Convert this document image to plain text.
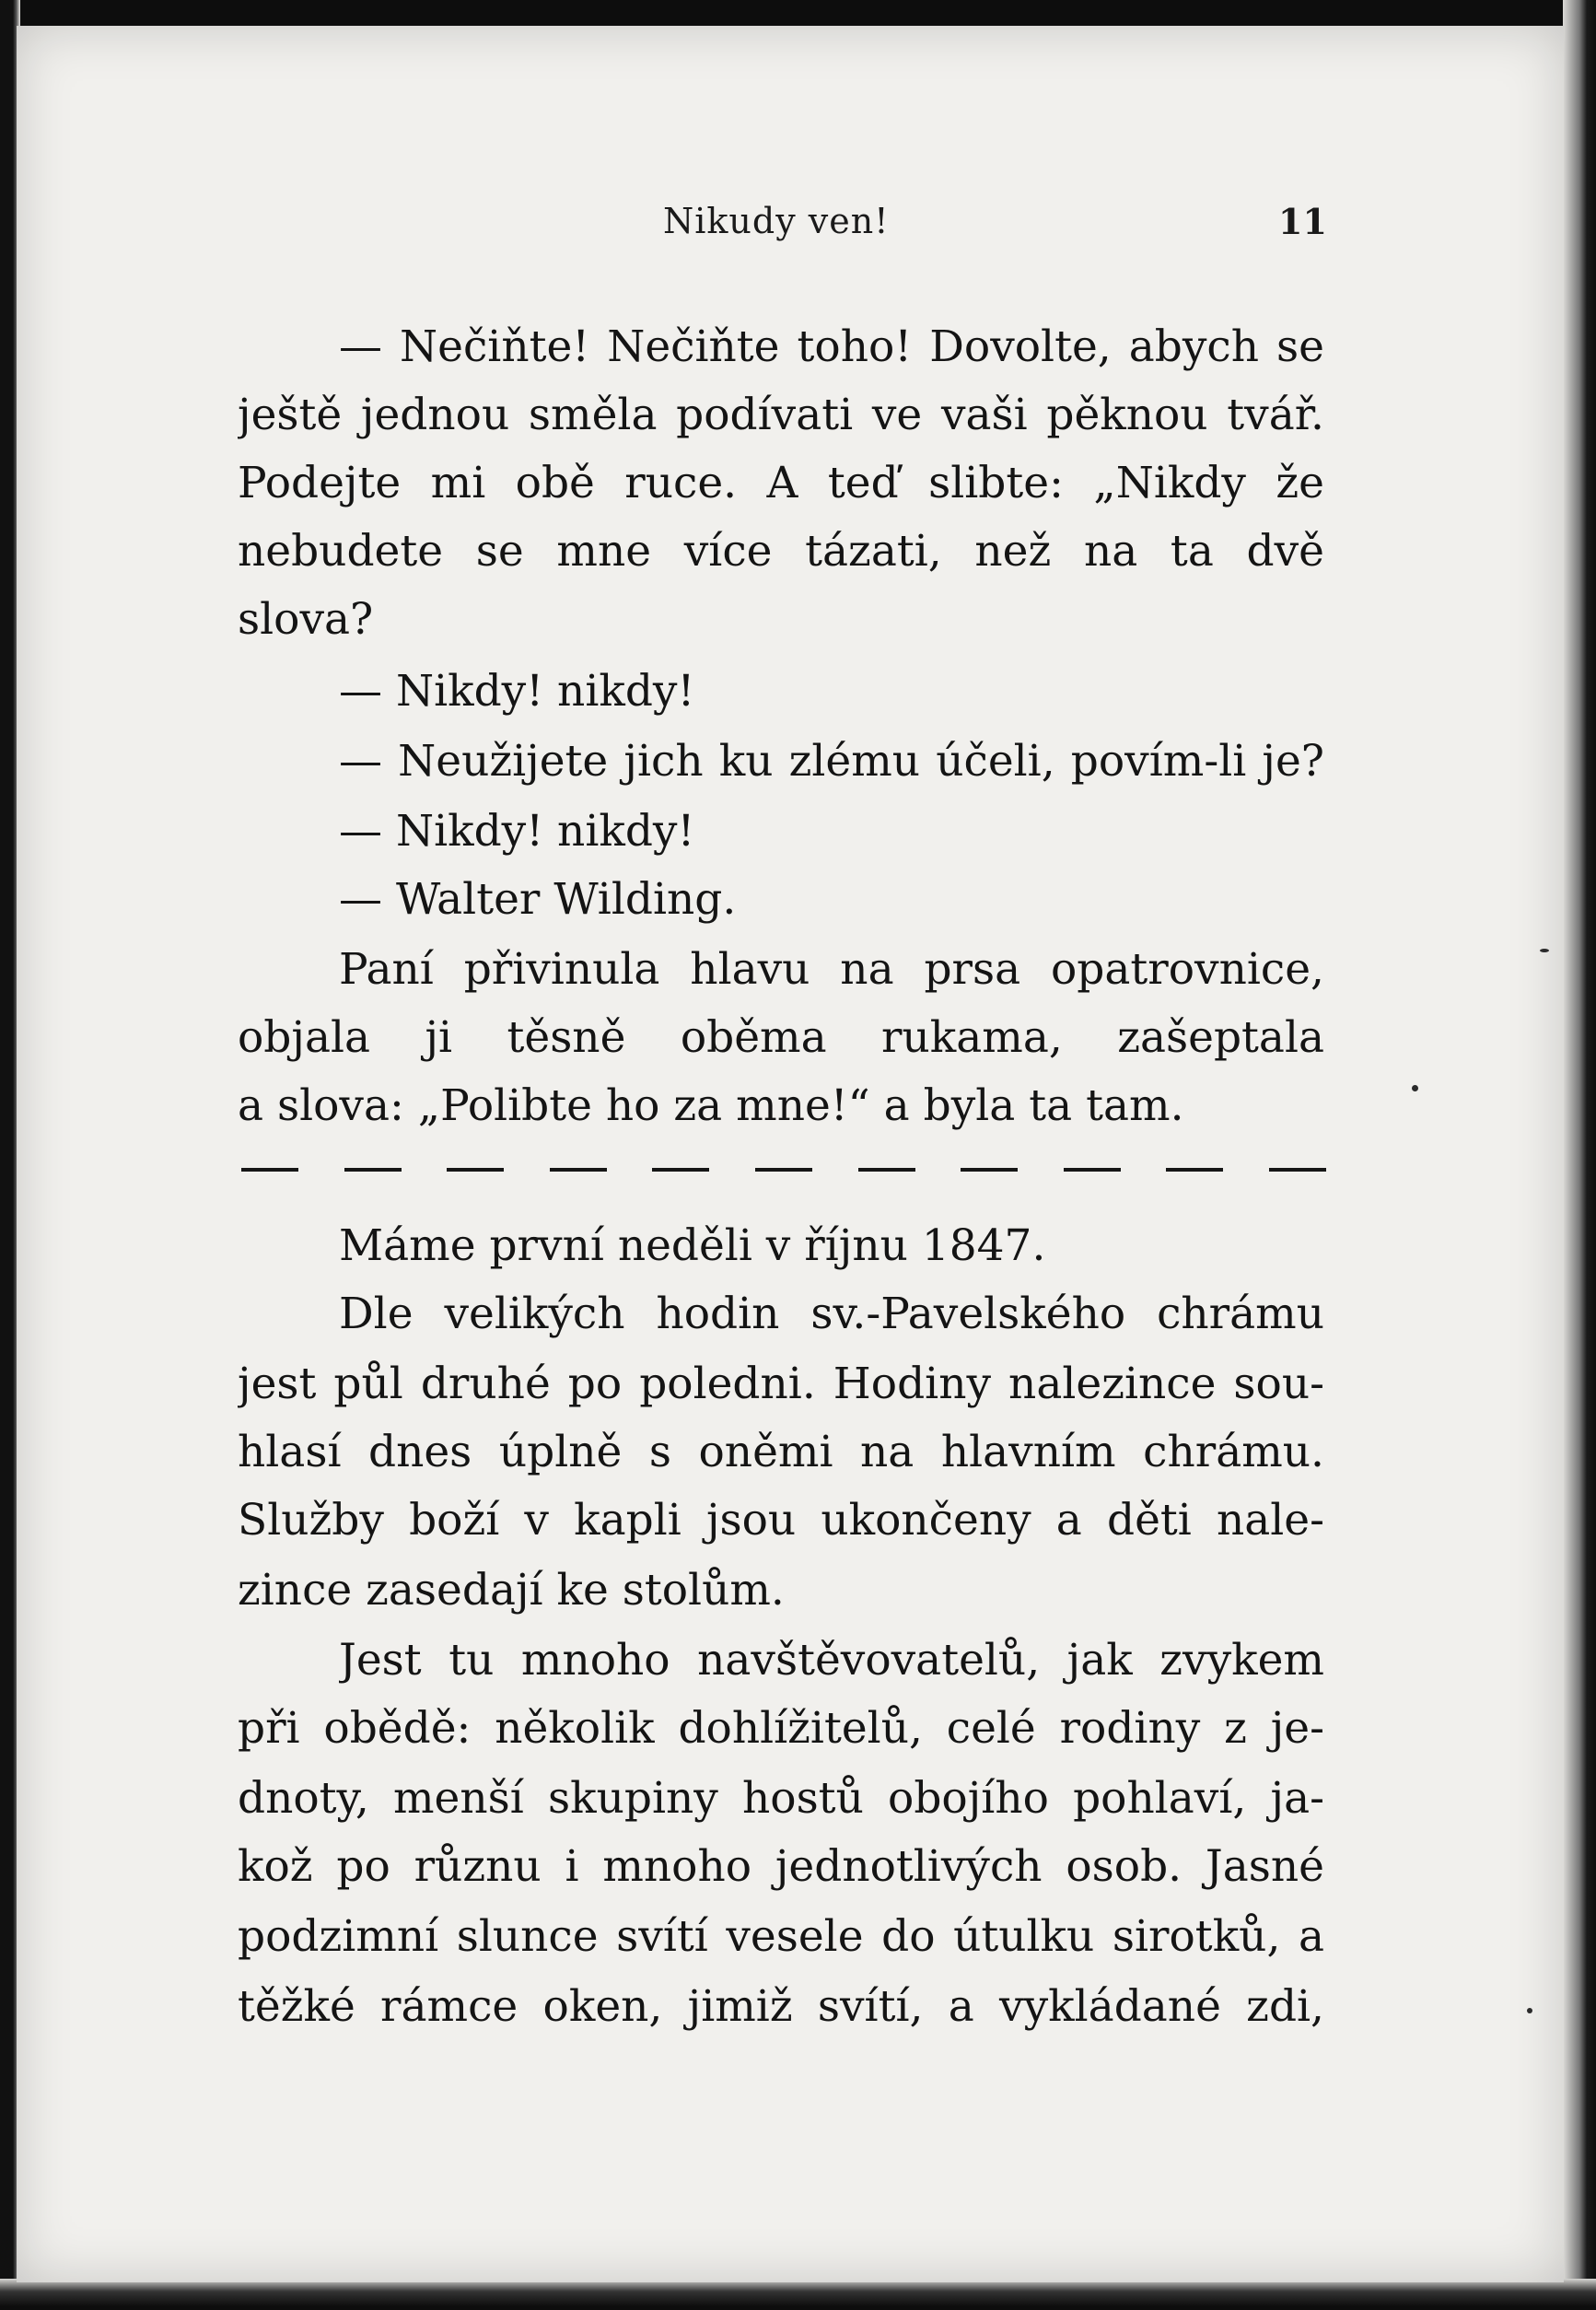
Nikudy ven!	11
— Nečiňte! Nečiňte toho! Dovolte, abych se
ještě jednou směla podívati ve vaši pěknou tvář.
Podejte mi obě ruce. A teď slibte: „Nikdy že
nebudete se mne více tázati, než na ta dvě
slova?
— Nikdy! nikdy!
— Neužijete jich ku zlému účeli, povím-li je?
— Nikdy! nikdy!
— Walter Wilding.
Paní přivinula hlavu na prsa opatrovnice,
objala ji těsně oběma rukama, zašeptala
a slova: „Polibte ho za mne!“ a byla ta tam.
Máme první neděli v říjnu 1847.
Dle velikých hodin sv.-Pavelského chrámu
jest půl druhé po poledni. Hodiny nalezince sou-
hlasí dnes úplně s oněmi na hlavním chrámu.
Služby boží v kapli jsou ukončeny a děti nale-
zince zasedají ke stolům.
Jest tu mnoho navštěvovatelů, jak zvykem
při obědě: několik dohlížitelů, celé rodiny z je-
dnoty, menší skupiny hostů obojího pohlaví, ja-
kož po různu i mnoho jednotlivých osob. Jasné
podzimní slunce svítí vesele do útulku sirotků, a
těžké rámce oken, jimiž svítí, a vykládané zdi,
